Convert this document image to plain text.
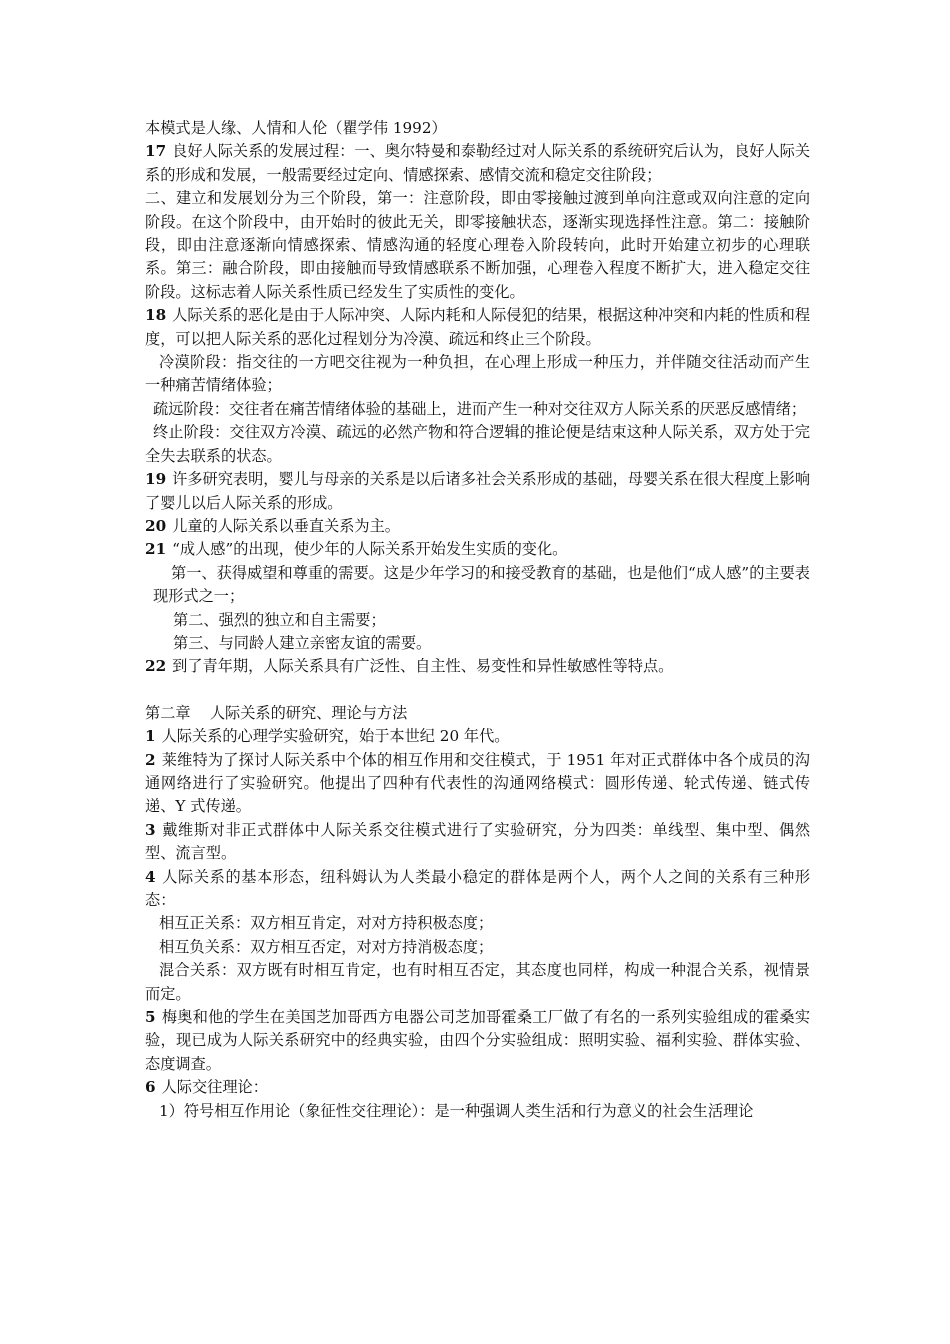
本模式是人缘、人情和人伦（瞿学伟 1992）

17 良好人际关系的发展过程：一、奥尔特曼和泰勒经过对人际关系的系统研究后认为，良好人际关系的形成和发展，一般需要经过定向、情感探索、感情交流和稳定交往阶段；

二、建立和发展划分为三个阶段，第一：注意阶段，即由零接触过渡到单向注意或双向注意的定向阶段。在这个阶段中，由开始时的彼此无关，即零接触状态，逐渐实现选择性注意。第二：接触阶段，即由注意逐渐向情感探索、情感沟通的轻度心理卷入阶段转向，此时开始建立初步的心理联系。第三：融合阶段，即由接触而导致情感联系不断加强，心理卷入程度不断扩大，进入稳定交往阶段。这标志着人际关系性质已经发生了实质性的变化。

18 人际关系的恶化是由于人际冲突、人际内耗和人际侵犯的结果，根据这种冲突和内耗的性质和程度，可以把人际关系的恶化过程划分为冷漠、疏远和终止三个阶段。

冷漠阶段：指交往的一方吧交往视为一种负担，在心理上形成一种压力，并伴随交往活动而产生一种痛苦情绪体验；

疏远阶段：交往者在痛苦情绪体验的基础上，进而产生一种对交往双方人际关系的厌恶反感情绪；

终止阶段：交往双方冷漠、疏远的必然产物和符合逻辑的推论便是结束这种人际关系，双方处于完全失去联系的状态。

19 许多研究表明，婴儿与母亲的关系是以后诸多社会关系形成的基础，母婴关系在很大程度上影响了婴儿以后人际关系的形成。

20 儿童的人际关系以垂直关系为主。

21 “成人感”的出现，使少年的人际关系开始发生实质的变化。

第一、获得威望和尊重的需要。这是少年学习的和接受教育的基础，也是他们“成人感”的主要表现形式之一；

第二、强烈的独立和自主需要；

第三、与同龄人建立亲密友谊的需要。

22 到了青年期，人际关系具有广泛性、自主性、易变性和异性敏感性等特点。

第二章    人际关系的研究、理论与方法

1 人际关系的心理学实验研究，始于本世纪 20 年代。

2 莱维特为了探讨人际关系中个体的相互作用和交往模式，于 1951 年对正式群体中各个成员的沟通网络进行了实验研究。他提出了四种有代表性的沟通网络模式：圆形传递、轮式传递、链式传递、Y 式传递。

3 戴维斯对非正式群体中人际关系交往模式进行了实验研究，分为四类：单线型、集中型、偶然型、流言型。

4 人际关系的基本形态，纽科姆认为人类最小稳定的群体是两个人，两个人之间的关系有三种形态：

相互正关系：双方相互肯定，对对方持积极态度；

相互负关系：双方相互否定，对对方持消极态度；

混合关系：双方既有时相互肯定，也有时相互否定，其态度也同样，构成一种混合关系，视情景而定。

5 梅奥和他的学生在美国芝加哥西方电器公司芝加哥霍桑工厂做了有名的一系列实验组成的霍桑实验，现已成为人际关系研究中的经典实验，由四个分实验组成：照明实验、福利实验、群体实验、态度调查。

6 人际交往理论：

1）符号相互作用论（象征性交往理论）：是一种强调人类生活和行为意义的社会生活理论
